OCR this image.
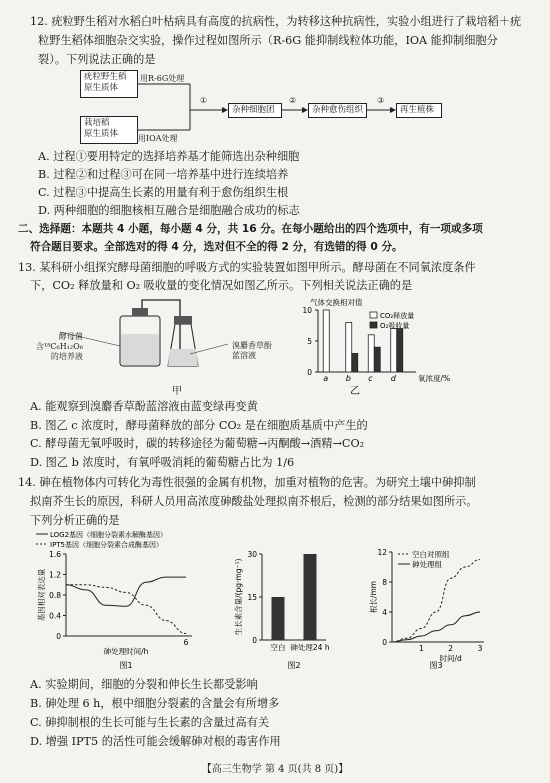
12. 疣粒野生稻对水稻白叶枯病具有高度的抗病性，为转移这种抗病性，实验小组进行了栽培稻＋疣
粒野生稻体细胞杂交实验，操作过程如图所示（R-6G 能抑制线粒体功能，IOA 能抑制细胞分
裂）。下列说法正确的是
疣粒野生稻
原生质体
用R-6G处理
栽培稻
原生质体	用IOA处理
①
杂种细胞团
②
杂种愈伤组织
③
再生植株
A. 过程①要用特定的选择培养基才能筛选出杂种细胞
B. 过程②和过程③可在同一培养基中进行连续培养
C. 过程③中提高生长素的用量有利于愈伤组织生根
D. 两种细胞的细胞核相互融合是细胞融合成功的标志
二、选择题：本题共 4 小题，每小题 4 分，共 16 分。在每小题给出的四个选项中，有一项或多项
符合题目要求。全部选对的得 4 分，选对但不全的得 2 分，有选错的得 0 分。
13. 某科研小组探究酵母菌细胞的呼吸方式的实验装置如图甲所示。酵母菌在不同氧浓度条件
下，CO₂ 释放量和 O₂ 吸收量的变化情况如图乙所示。下列相关说法正确的是
酵母菌
含¹⁸C₆H₁₂O₆
的培养液
溴麝香草酚
蓝溶液
甲
气体交换相对值
0
5
10
a b c d	氧浓度/%
CO₂释放量
O₂吸收量
乙
A. 能观察到溴麝香草酚蓝溶液由蓝变绿再变黄
B. 图乙 c 浓度时，酵母菌释放的部分 CO₂ 是在细胞质基质中产生的
C. 酵母菌无氧呼吸时，碳的转移途径为葡萄糖→丙酮酸→酒精→CO₂
D. 图乙 b 浓度时，有氧呼吸消耗的葡萄糖占比为 1/6
14. 砷在植物体内可转化为毒性很强的金属有机物，加重对植物的危害。为研究土壤中砷抑制
拟南芥生长的原因，科研人员用高浓度砷酸盐处理拟南芥根后，检测的部分结果如图所示。
下列分析正确的是
LOG2基因（细胞分裂素水解酶基因）
IPT5基因（细胞分裂素合成酶基因）
0
0.4
0.8
1.2
1.6
6
基因相对表达量
砷处理时间/h
图1
0
15
30
生长素含量/(pg·mg⁻¹)
空白 砷处理24 h
图2
0
4
8
12
1	2	3
根长/mm
时间/d
空白对照组
砷处理组
图3
A. 实验期间，细胞的分裂和伸长生长都受影响
B. 砷处理 6 h，根中细胞分裂素的含量会有所增多
C. 砷抑制根的生长可能与生长素的含量过高有关
D. 增强 IPT5 的活性可能会缓解砷对根的毒害作用
【高三生物学 第 4 页(共 8 页)】
